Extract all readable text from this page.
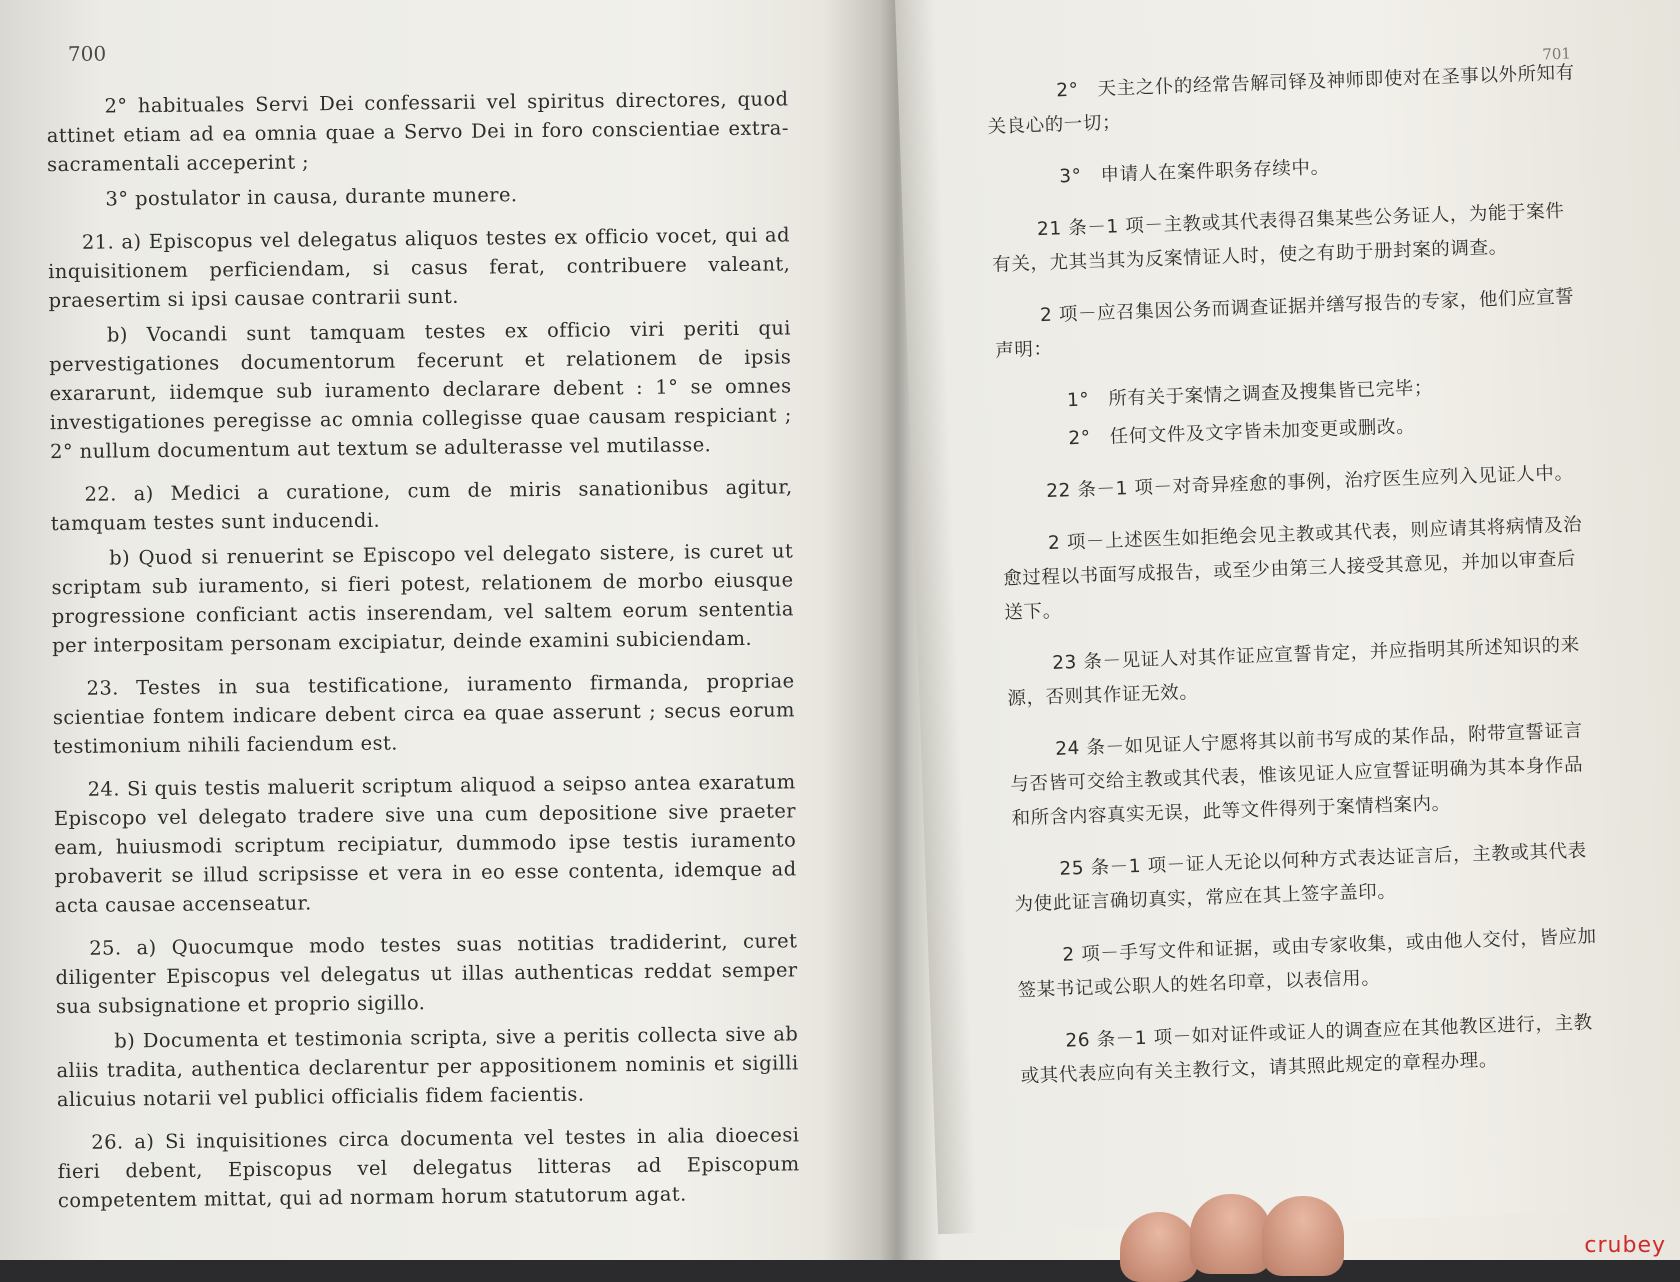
700

2° habituales Servi Dei confessarii vel spiritus directores, quod attinet etiam ad ea omnia quae a Servo Dei in foro conscientiae extra-sacramentali acceperint ;

3° postulator in causa, durante munere.

21. a) Episcopus vel delegatus aliquos testes ex officio vocet, qui ad inquisitionem perficiendam, si casus ferat, contribuere valeant, praesertim si ipsi causae contrarii sunt.

b) Vocandi sunt tamquam testes ex officio viri periti qui pervestigationes documentorum fecerunt et relationem de ipsis exararunt, iidemque sub iuramento declarare debent : 1° se omnes investigationes peregisse ac omnia collegisse quae causam respiciant ; 2° nullum documentum aut textum se adulterasse vel mutilasse.

22. a) Medici a curatione, cum de miris sanationibus agitur, tamquam testes sunt inducendi.

b) Quod si renuerint se Episcopo vel delegato sistere, is curet ut scriptam sub iuramento, si fieri potest, relationem de morbo eiusque progressione conficiant actis inserendam, vel saltem eorum sententia per interpositam personam excipiatur, deinde examini subiciendam.

23. Testes in sua testificatione, iuramento firmanda, propriae scientiae fontem indicare debent circa ea quae asserunt ; secus eorum testimonium nihili faciendum est.

24. Si quis testis maluerit scriptum aliquod a seipso antea exaratum Episcopo vel delegato tradere sive una cum depositione sive praeter eam, huiusmodi scriptum recipiatur, dummodo ipse testis iuramento probaverit se illud scripsisse et vera in eo esse contenta, idemque ad acta causae accenseatur.

25. a) Quocumque modo testes suas notitias tradiderint, curet diligenter Episcopus vel delegatus ut illas authenticas reddat semper sua subsignatione et proprio sigillo.

b) Documenta et testimonia scripta, sive a peritis collecta sive ab aliis tradita, authentica declarentur per appositionem nominis et sigilli alicuius notarii vel publici officialis fidem facientis.

26. a) Si inquisitiones circa documenta vel testes in alia dioecesi fieri debent, Episcopus vel delegatus litteras ad Episcopum competentem mittat, qui ad normam horum statutorum agat.

701

2°　天主之仆的经常告解司铎及神师即使对在圣事以外所知有关良心的一切；

3°　申请人在案件职务存续中。

21 条－1 项－主教或其代表得召集某些公务证人，为能于案件有关，尤其当其为反案情证人时，使之有助于册封案的调查。

2 项－应召集因公务而调查证据并缮写报告的专家，他们应宣誓声明：

1°　所有关于案情之调查及搜集皆已完毕；

2°　任何文件及文字皆未加变更或删改。

22 条－1 项－对奇异痊愈的事例，治疗医生应列入见证人中。

2 项－上述医生如拒绝会见主教或其代表，则应请其将病情及治愈过程以书面写成报告，或至少由第三人接受其意见，并加以审查后送下。

23 条－见证人对其作证应宣誓肯定，并应指明其所述知识的来源，否则其作证无效。

24 条－如见证人宁愿将其以前书写成的某作品，附带宣誓证言与否皆可交给主教或其代表，惟该见证人应宣誓证明确为其本身作品和所含内容真实无误，此等文件得列于案情档案内。

25 条－1 项－证人无论以何种方式表达证言后，主教或其代表为使此证言确切真实，常应在其上签字盖印。

2 项－手写文件和证据，或由专家收集，或由他人交付，皆应加签某书记或公职人的姓名印章，以表信用。

26 条－1 项－如对证件或证人的调查应在其他教区进行，主教或其代表应向有关主教行文，请其照此规定的章程办理。

crubey
